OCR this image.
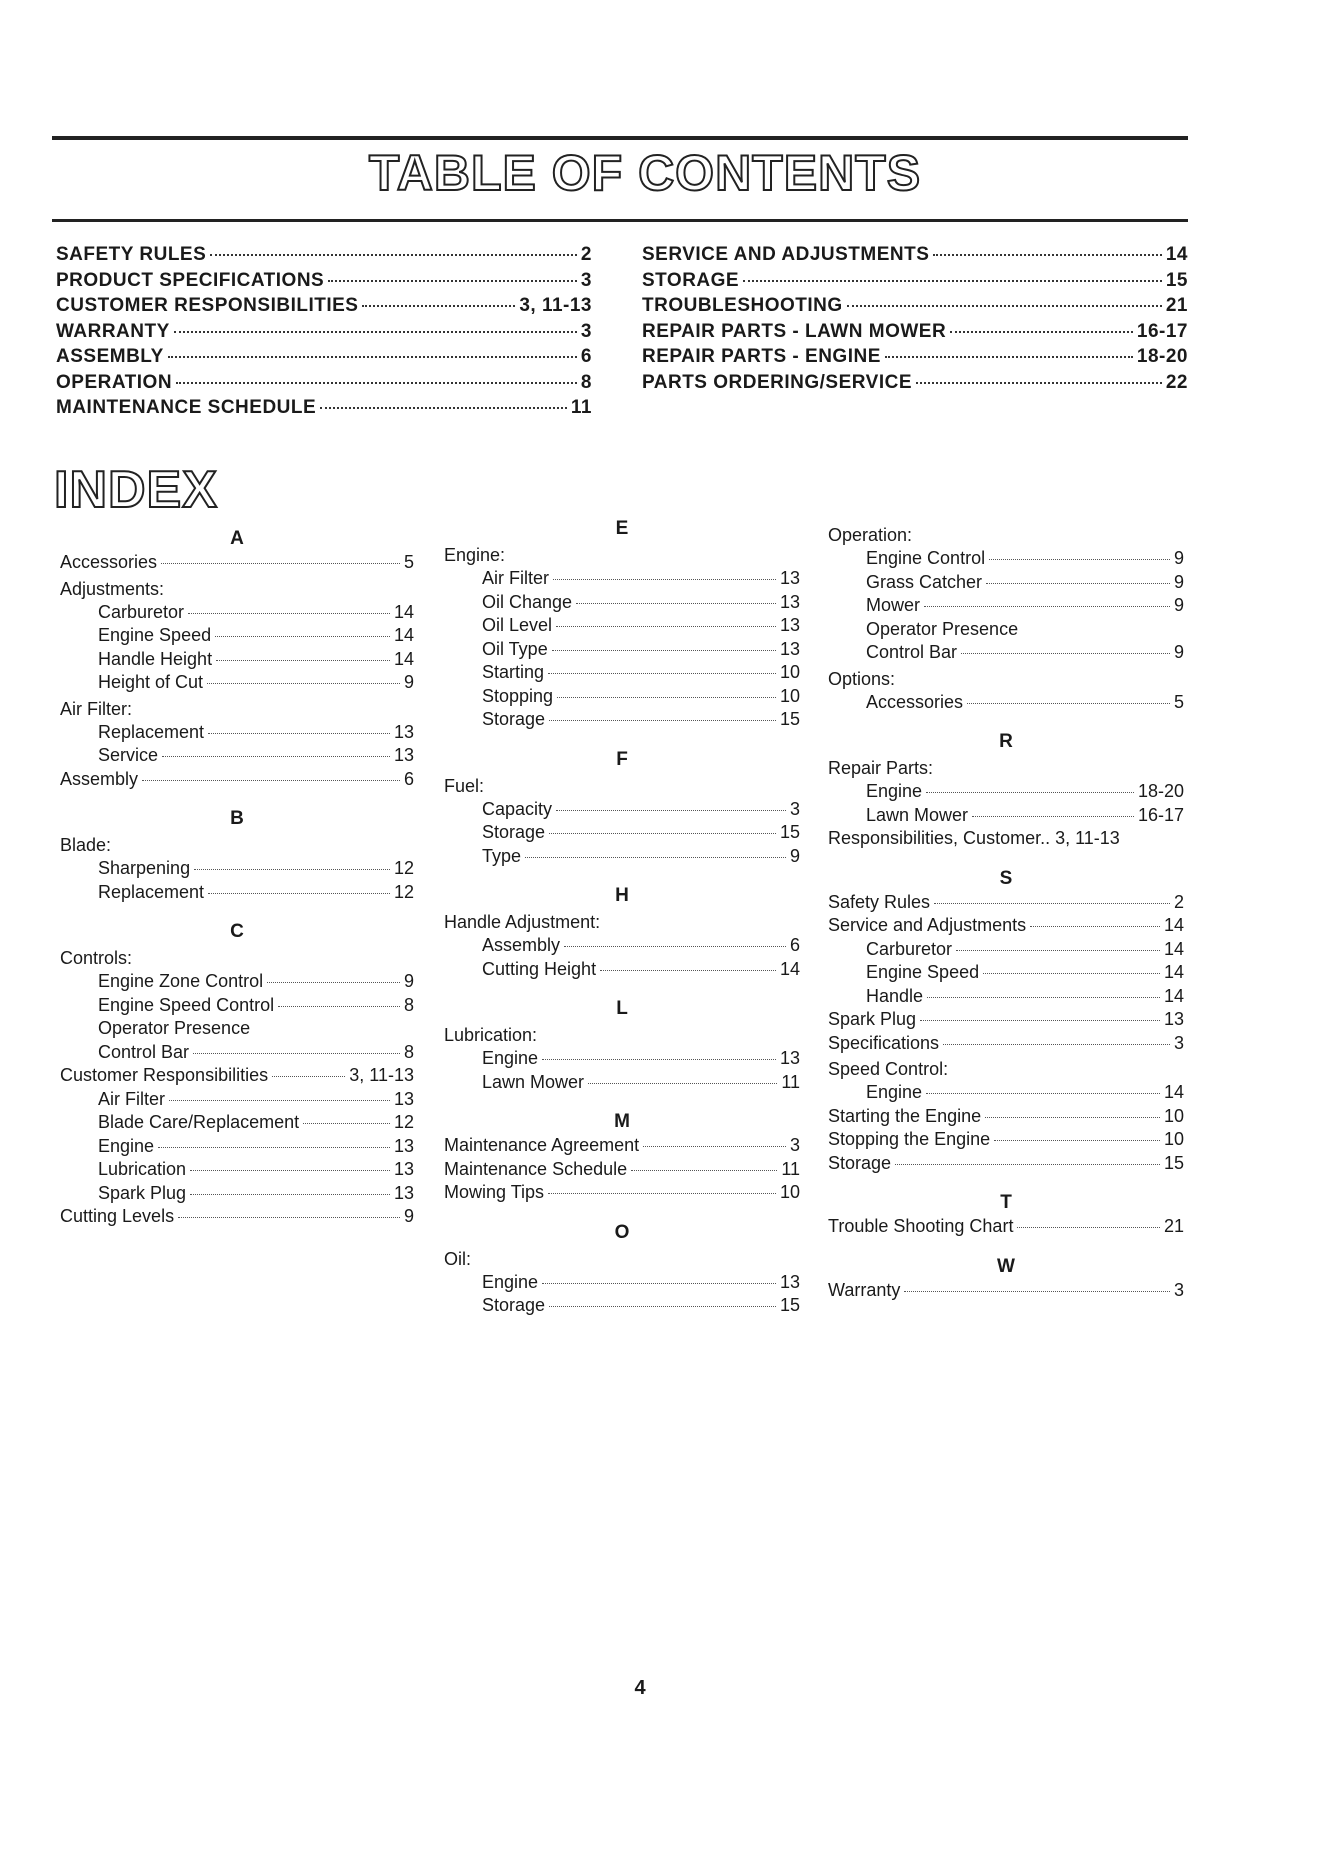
TABLE OF CONTENTS
SAFETY RULES	2
PRODUCT SPECIFICATIONS	3
CUSTOMER RESPONSIBILITIES	3, 11-13
WARRANTY	3
ASSEMBLY	6
OPERATION	8
MAINTENANCE SCHEDULE	11
SERVICE AND ADJUSTMENTS	14
STORAGE	15
TROUBLESHOOTING	21
REPAIR PARTS - LAWN MOWER	16-17
REPAIR PARTS - ENGINE	18-20
PARTS ORDERING/SERVICE	22
INDEX
A
Accessories	5
Adjustments:
Carburetor	14
Engine Speed	14
Handle Height	14
Height of Cut	9
Air Filter:
Replacement	13
Service	13
Assembly	6
B
Blade:
Sharpening	12
Replacement	12
C
Controls:
Engine Zone Control	9
Engine Speed Control	8
Operator Presence
Control Bar	8
Customer Responsibilities	3, 11-13
Air Filter	13
Blade Care/Replacement	12
Engine	13
Lubrication	13
Spark Plug	13
Cutting Levels	9
E
Engine:
Air Filter	13
Oil Change	13
Oil Level	13
Oil Type	13
Starting	10
Stopping	10
Storage	15
F
Fuel:
Capacity	3
Storage	15
Type	9
H
Handle Adjustment:
Assembly	6
Cutting Height	14
L
Lubrication:
Engine	13
Lawn Mower	11
M
Maintenance Agreement	3
Maintenance Schedule	11
Mowing Tips	10
O
Oil:
Engine	13
Storage	15
Operation:
Engine Control	9
Grass Catcher	9
Mower	9
Operator Presence
Control Bar	9
Options:
Accessories	5
R
Repair Parts:
Engine	18-20
Lawn Mower	16-17
Responsibilities, Customer.. 3, 11-13
S
Safety Rules	2
Service and Adjustments	14
Carburetor	14
Engine Speed	14
Handle	14
Spark Plug	13
Specifications	3
Speed Control:
Engine	14
Starting the Engine	10
Stopping the Engine	10
Storage	15
T
Trouble Shooting Chart	21
W
Warranty	3
4
